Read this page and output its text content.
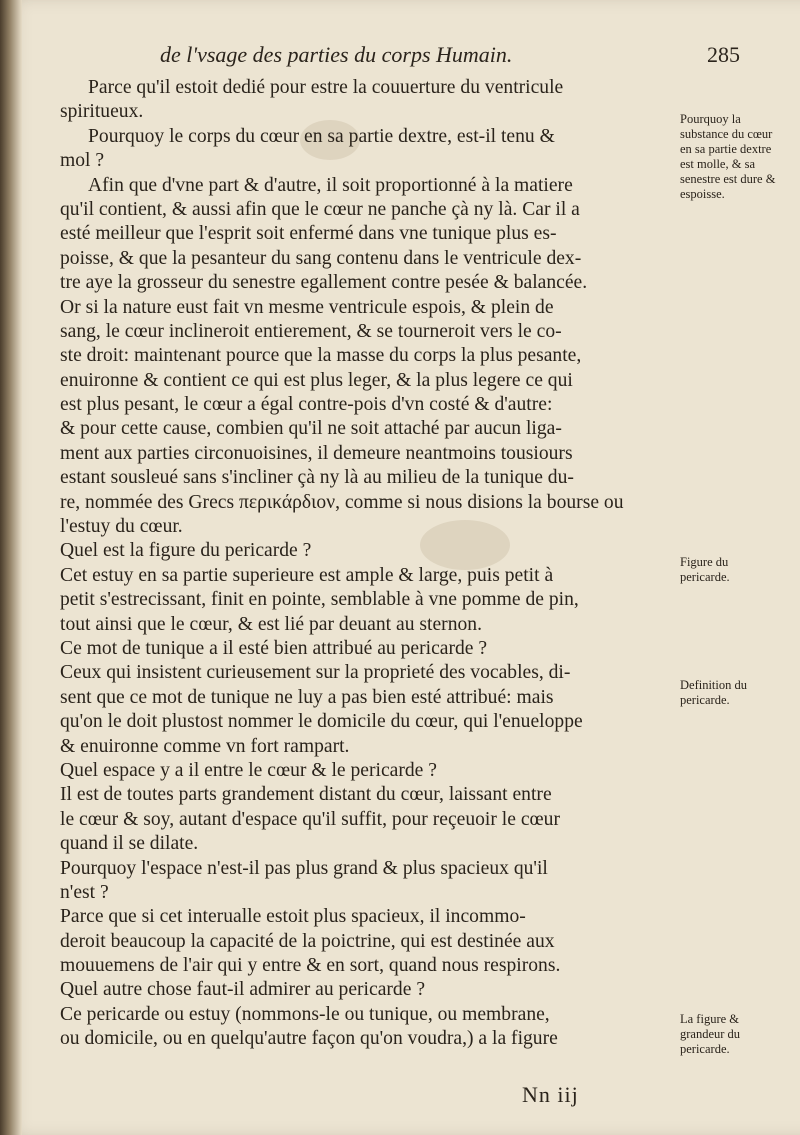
de l'vsage des parties du corps Humain.	285
Parce qu'il estoit dedié pour estre la couuerture du ventricule
spiritueux.
Pourquoy le corps du cœur en sa partie dextre, est-il tenu &
mol ?
Afin que d'vne part & d'autre, il soit proportionné à la matiere
qu'il contient, & aussi afin que le cœur ne panche çà ny là. Car il a
esté meilleur que l'esprit soit enfermé dans vne tunique plus es-
poisse, & que la pesanteur du sang contenu dans le ventricule dex-
tre aye la grosseur du senestre egallement contre pesée & balancée.
Or si la nature eust fait vn mesme ventricule espois, & plein de
sang, le cœur inclineroit entierement, & se tourneroit vers le co-
ste droit: maintenant pource que la masse du corps la plus pesante,
enuironne & contient ce qui est plus leger, & la plus legere ce qui
est plus pesant, le cœur a égal contre-pois d'vn costé & d'autre:
& pour cette cause, combien qu'il ne soit attaché par aucun liga-
ment aux parties circonuoisines, il demeure neantmoins tousiours
estant sousleué sans s'incliner çà ny là au milieu de la tunique du-
re, nommée des Grecs περικάρδιον, comme si nous disions la bourse ou
l'estuy du cœur.
Quel est la figure du pericarde ?
Cet estuy en sa partie superieure est ample & large, puis petit à
petit s'estrecissant, finit en pointe, semblable à vne pomme de pin,
tout ainsi que le cœur, & est lié par deuant au sternon.
Ce mot de tunique a il esté bien attribué au pericarde ?
Ceux qui insistent curieusement sur la proprieté des vocables, di-
sent que ce mot de tunique ne luy a pas bien esté attribué: mais
qu'on le doit plustost nommer le domicile du cœur, qui l'enueloppe
& enuironne comme vn fort rampart.
Quel espace y a il entre le cœur & le pericarde ?
Il est de toutes parts grandement distant du cœur, laissant entre
le cœur & soy, autant d'espace qu'il suffit, pour reçeuoir le cœur
quand il se dilate.
Pourquoy l'espace n'est-il pas plus grand & plus spacieux qu'il
n'est ?
Parce que si cet interualle estoit plus spacieux, il incommo-
deroit beaucoup la capacité de la poictrine, qui est destinée aux
mouuemens de l'air qui y entre & en sort, quand nous respirons.
Quel autre chose faut-il admirer au pericarde ?
Ce pericarde ou estuy (nommons-le ou tunique, ou membrane,
ou domicile, ou en quelqu'autre façon qu'on voudra,) a la figure
Pourquoy la substance du cœur en sa partie dextre est molle, & sa senestre est dure & espoisse.
Figure du pericarde.
Definition du pericarde.
La figure & grandeur du pericarde.
Nn iij
